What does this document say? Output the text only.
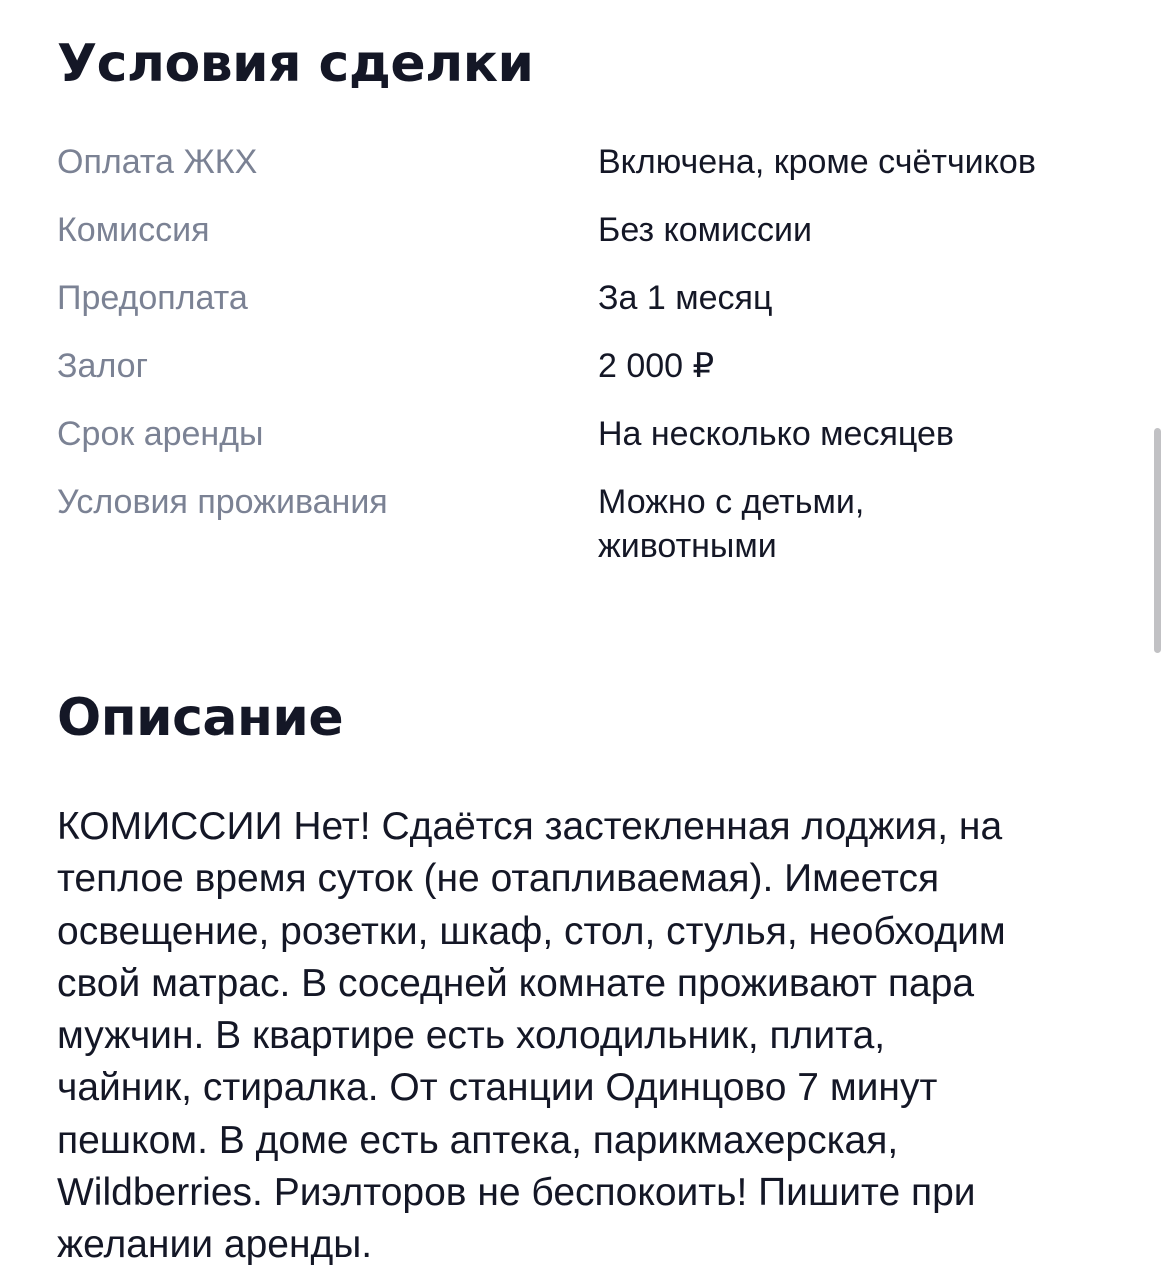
Условия сделки
Оплата ЖКХ	Включена, кроме счётчиков
Комиссия	Без комиссии
Предоплата	За 1 месяц
Залог	2 000 ₽
Срок аренды	На несколько месяцев
Условия проживания	Можно с детьми,
животными
Описание
КОМИССИИ Нет! Сдаётся застекленная лоджия, на
теплое время суток (не отапливаемая). Имеется
освещение, розетки, шкаф, стол, стулья, необходим
свой матрас. В соседней комнате проживают пара
мужчин. В квартире есть холодильник, плита,
чайник, стиралка. От станции Одинцово 7 минут
пешком. В доме есть аптека, парикмахерская,
Wildberries. Риэлторов не беспокоить! Пишите при
желании аренды.
